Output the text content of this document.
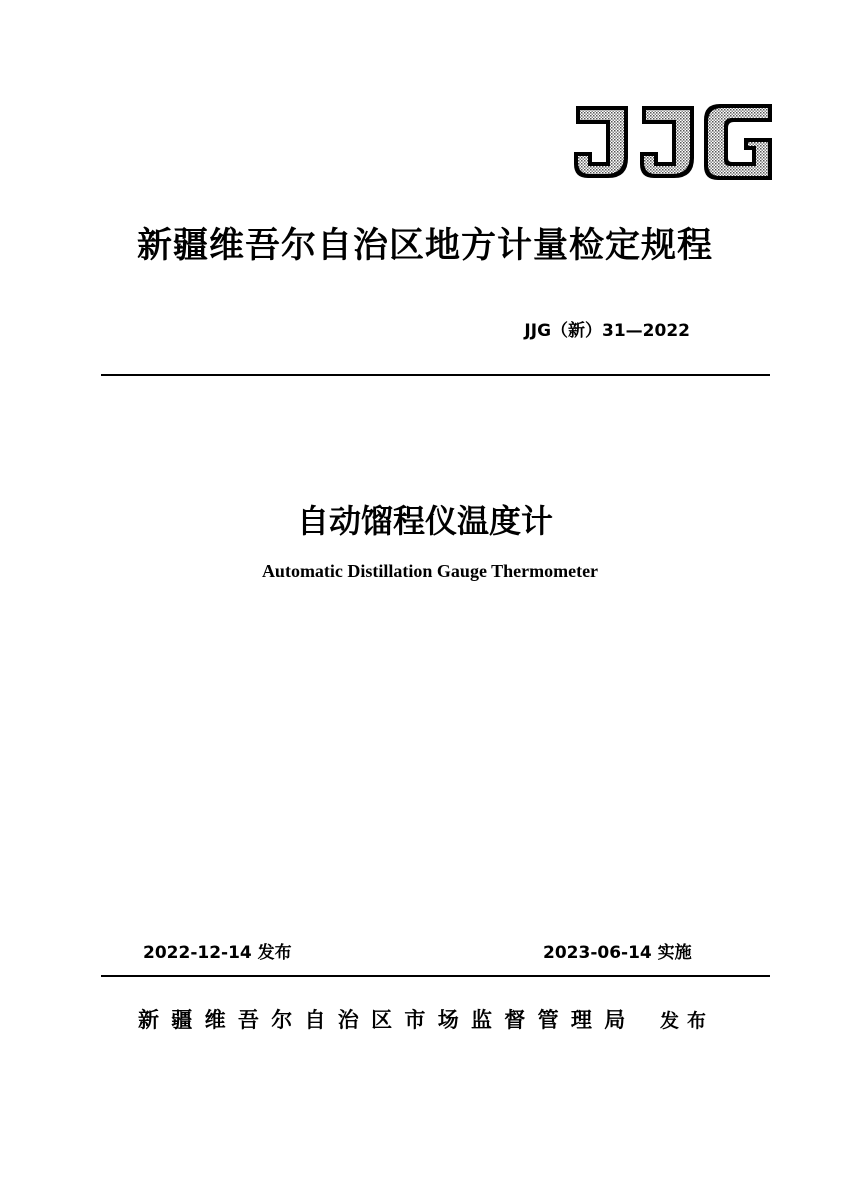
JJG
新疆维吾尔自治区地方计量检定规程
JJG（新）31—2022
自动馏程仪温度计
Automatic Distillation Gauge Thermometer
2022-12-14 发布	2023-06-14 实施
新疆维吾尔自治区市场监督管理局 发布
